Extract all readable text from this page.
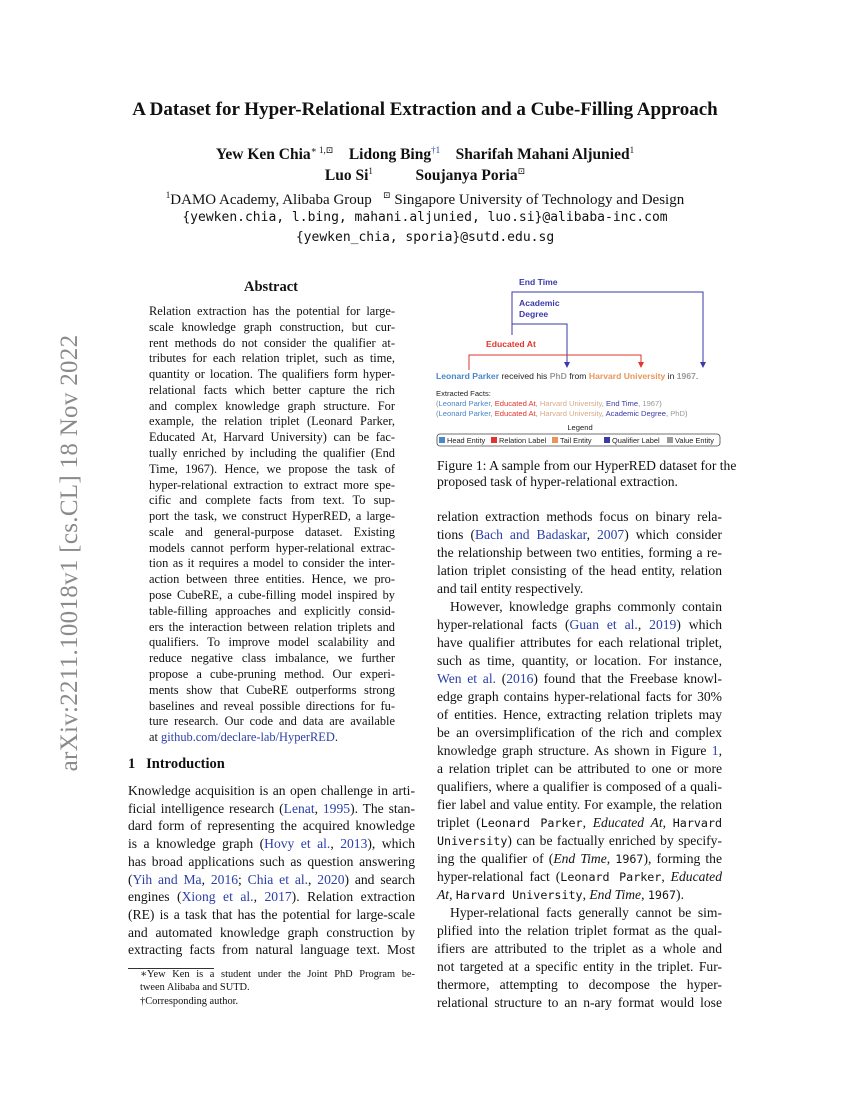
arXiv:2211.10018v1 [cs.CL] 18 Nov 2022
A Dataset for Hyper-Relational Extraction and a Cube-Filling Approach
Yew Ken Chia$^{∗ 1,⊡}$ Lidong Bing$^{\dagger 1}$ Sharifah Mahani Aljunied$^1$
Luo Si$^1$	Soujanya Poria⊡
$^1$DAMO Academy, Alibaba Group ⊡ Singapore University of Technology and Design
{yewken.chia, l.bing, mahani.aljunied, luo.si}@alibaba-inc.com
{yewken_chia, sporia}@sutd.edu.sg
Abstract
Relation extraction has the potential for large-
scale knowledge graph construction, but cur-
rent methods do not consider the qualifier at-
tributes for each relation triplet, such as time,
quantity or location. The qualifiers form hyper-
relational facts which better capture the rich
and complex knowledge graph structure. For
example, the relation triplet (Leonard Parker,
Educated At, Harvard University) can be fac-
tually enriched by including the qualifier (End
Time, 1967). Hence, we propose the task of
hyper-relational extraction to extract more spe-
cific and complete facts from text. To sup-
port the task, we construct HyperRED, a large-
scale and general-purpose dataset. Existing
models cannot perform hyper-relational extrac-
tion as it requires a model to consider the inter-
action between three entities. Hence, we pro-
pose CubeRE, a cube-filling model inspired by
table-filling approaches and explicitly consid-
ers the interaction between relation triplets and
qualifiers. To improve model scalability and
reduce negative class imbalance, we further
propose a cube-pruning method. Our experi-
ments show that CubeRE outperforms strong
baselines and reveal possible directions for fu-
ture research. Our code and data are available
at github.com/declare-lab/HyperRED.
1 Introduction
Knowledge acquisition is an open challenge in arti-
ficial intelligence research (Lenat, 1995). The stan-
dard form of representing the acquired knowledge
is a knowledge graph (Hovy et al., 2013), which
has broad applications such as question answering
(Yih and Ma, 2016; Chia et al., 2020) and search
engines (Xiong et al., 2017). Relation extraction
(RE) is a task that has the potential for large-scale
and automated knowledge graph construction by
extracting facts from natural language text. Most
∗Yew Ken is a student under the Joint PhD Program be-
tween Alibaba and SUTD.
†Corresponding author.
End Time
Academic
Degree
Educated At
Leonard Parker received his PhD from Harvard University in 1967.
Extracted Facts:
(Leonard Parker, Educated At, Harvard University, End Time, 1967)
(Leonard Parker, Educated At, Harvard University, Academic Degree, PhD)
Legend
Head Entity Relation Label Tail Entity	Qualifier Label Value Entity
Figure 1: A sample from our HyperRED dataset for the
proposed task of hyper-relational extraction.
relation extraction methods focus on binary rela-
tions (Bach and Badaskar, 2007) which consider
the relationship between two entities, forming a re-
lation triplet consisting of the head entity, relation
and tail entity respectively.
However, knowledge graphs commonly contain
hyper-relational facts (Guan et al., 2019) which
have qualifier attributes for each relational triplet,
such as time, quantity, or location. For instance,
Wen et al. (2016) found that the Freebase knowl-
edge graph contains hyper-relational facts for 30%
of entities. Hence, extracting relation triplets may
be an oversimplification of the rich and complex
knowledge graph structure. As shown in Figure 1,
a relation triplet can be attributed to one or more
qualifiers, where a qualifier is composed of a quali-
fier label and value entity. For example, the relation
triplet (Leonard Parker, Educated At, Harvard
University) can be factually enriched by specify-
ing the qualifier of (End Time, 1967), forming the
hyper-relational fact (Leonard Parker, Educated
At, Harvard University, End Time, 1967).
Hyper-relational facts generally cannot be sim-
plified into the relation triplet format as the qual-
ifiers are attributed to the triplet as a whole and
not targeted at a specific entity in the triplet. Fur-
thermore, attempting to decompose the hyper-
relational structure to an n-ary format would lose
